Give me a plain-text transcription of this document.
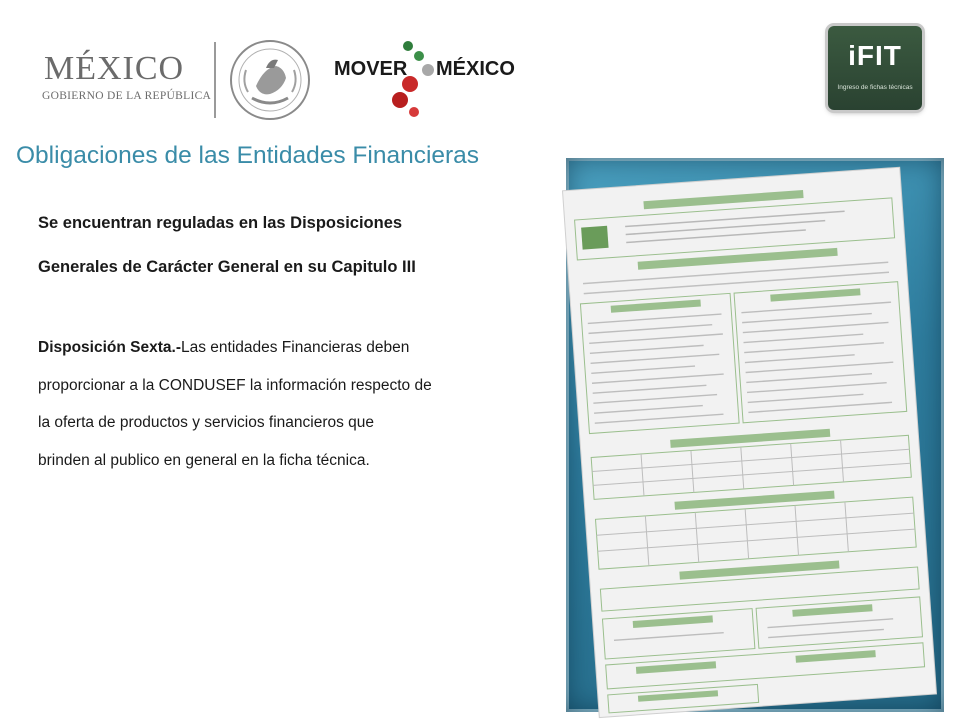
MÉXICO
GOBIERNO DE LA REPÚBLICA
MOVER MÉXICO	iFIT
Ingreso de fichas técnicas
Obligaciones de las Entidades Financieras
Se encuentran reguladas en las Disposiciones
Generales de Carácter General en su Capitulo III
Disposición Sexta.-Las entidades Financieras deben
proporcionar a la CONDUSEF la información respecto de
la oferta de productos y servicios financieros que
brinden al publico en general en la ficha técnica.
